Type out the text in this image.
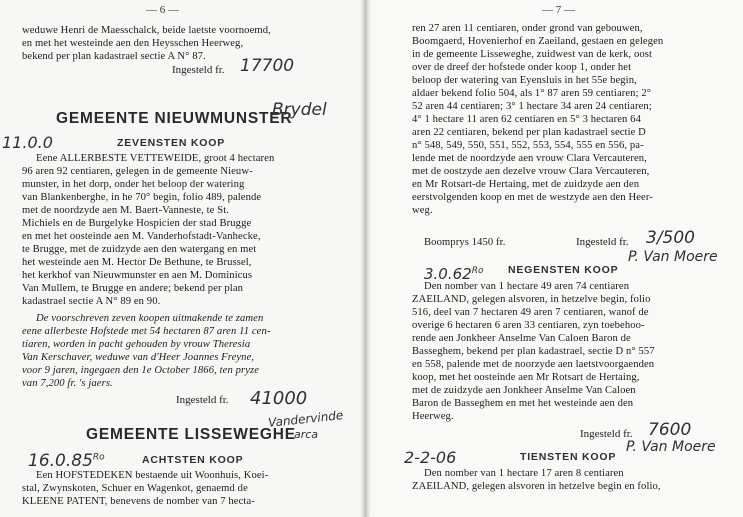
— 6 —
weduwe Henri de Maesschalck, beide laetste voornoemd,
en met het westeinde aen den Heysschen Heerweg,
bekend per plan kadastrael sectie A N° 87.
Ingesteld fr. 17700
GEMEENTE NIEUWMUNSTER
Brydel
11.0.0	ZEVENSTEN KOOP
Eene ALLERBESTE VETTEWEIDE, groot 4 hectaren
96 aren 92 centiaren, gelegen in de gemeente Nieuw-
munster, in het dorp, onder het beloop der watering
van Blankenberghe, in he 70° begin, folio 489, palende
met de noordzyde aen M. Baert-Vanneste, te St.
Michiels en de Burgelyke Hospicien der stad Brugge
en met het oosteinde aen M. Vanderhofstadt-Vanhecke,
te Brugge, met de zuidzyde aen den watergang en met
het westeinde aen M. Hector De Bethune, te Brussel,
het kerkhof van Nieuwmunster en aen M. Dominicus
Van Mullem, te Brugge en andere; bekend per plan
kadastrael sectie A N° 89 en 90.
De voorschreven zeven koopen uitmakende te zamen
eene allerbeste Hofstede met 54 hectaren 87 aren 11 cen-
tiaren, worden in pacht gehouden by vrouw Theresia
Van Kerschaver, weduwe van d'Heer Joannes Freyne,
voor 9 jaren, ingegaen den 1e October 1866, ten pryze
van 7,200 fr. 's jaers.
Ingesteld fr. 41000
GEMEENTE LISSEWEGHE
Vandervinde
arca
$16.0.85^{Ro}$	ACHTSTEN KOOP
Een HOFSTEDEKEN bestaende uit Woonhuis, Koei-
stal, Zwynskoten, Schuer en Wagenkot, genaemd de
KLEENE PATENT, benevens de nomber van 7 hecta-
— 7 —
ren 27 aren 11 centiaren, onder grond van gebouwen,
Boomgaerd, Hovenierhof en Zaeiland, gestaen en gelegen
in de gemeente Lisseweghe, zuidwest van de kerk, oost
over de dreef der hofstede onder koop 1, onder het
beloop der watering van Eyensluis in het 55e begin,
aldaer bekend folio 504, als 1° 87 aren 59 centiaren; 2°
52 aren 44 centiaren; 3° 1 hectare 34 aren 24 centiaren;
4° 1 hectare 11 aren 62 centiaren en 5° 3 hectaren 64
aren 22 centiaren, bekend per plan kadastrael sectie D
n° 548, 549, 550, 551, 552, 553, 554, 555 en 556, pa-
lende met de noordzyde aen vrouw Clara Vercauteren,
met de oostzyde aen dezelve vrouw Clara Vercauteren,
en Mr Rotsart-de Hertaing, met de zuidzyde aen den
eerstvolgenden koop en met de westzyde aen den Heer-
weg.
Boomprys 1450 fr.	Ingesteld fr. 3/500
P. Van Moere
$3.0.62^{Ro}$ NEGENSTEN KOOP
Den nomber van 1 hectare 49 aren 74 centiaren
ZAEILAND, gelegen alsvoren, in hetzelve begin, folio
516, deel van 7 hectaren 49 aren 7 centiaren, wanof de
overige 6 hectaren 6 aren 33 centiaren, zyn toebehoo-
rende aen Jonkheer Anselme Van Caloen Baron de
Basseghem, bekend per plan kadastrael, sectie D n° 557
en 558, palende met de noorzyde aen laetstvoorgaenden
koop, met het oosteinde aen Mr Rotsart de Hertaing,
met de zuidzyde aen Jonkheer Anselme Van Caloen
Baron de Basseghem en met het westeinde aen den
Heerweg.
Ingesteld fr. 7600
P. Van Moere
2-2-06	TIENSTEN KOOP
Den nomber van 1 hectare 17 aren 8 centiaren
ZAEILAND, gelegen alsvoren in hetzelve begin en folio,
